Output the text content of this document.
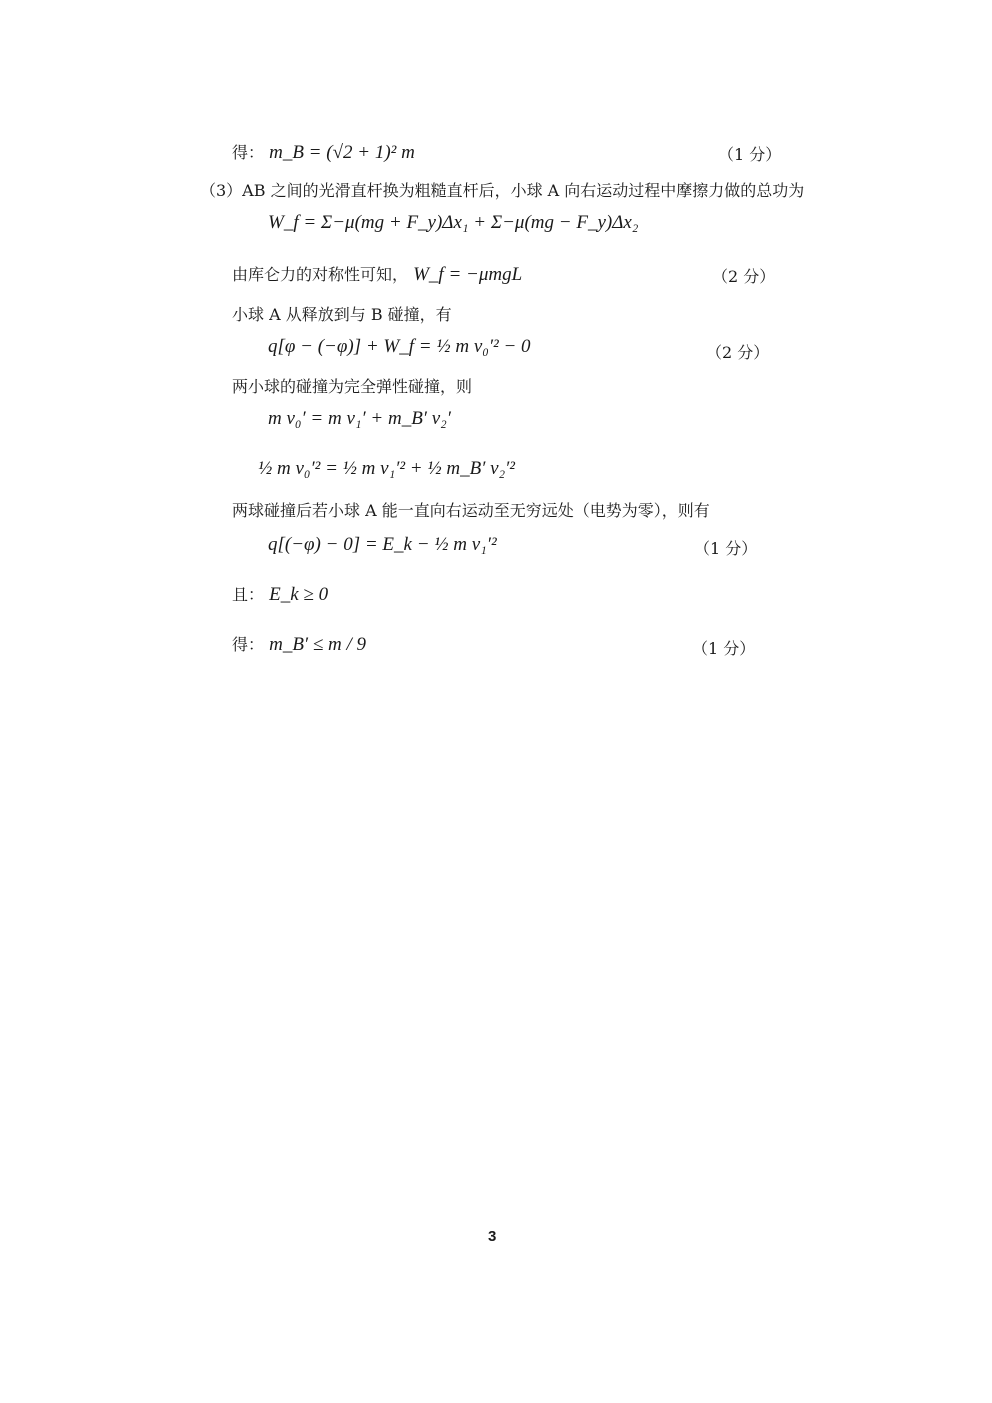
得： m_B = (√2 + 1)² m	（1 分）
（3）AB 之间的光滑直杆换为粗糙直杆后，小球 A 向右运动过程中摩擦力做的总功为
W_f = Σ−μ(mg + F_y)Δx₁ + Σ−μ(mg − F_y)Δx₂
由库仑力的对称性可知， W_f = −μmgL	（2 分）
小球 A 从释放到与 B 碰撞，有
q[φ − (−φ)] + W_f = ½ m v₀′² − 0	（2 分）
两小球的碰撞为完全弹性碰撞，则
m v₀′ = m v₁′ + m_B′ v₂′
½ m v₀′² = ½ m v₁′² + ½ m_B′ v₂′²
两球碰撞后若小球 A 能一直向右运动至无穷远处（电势为零），则有
q[(−φ) − 0] = E_k − ½ m v₁′²	（1 分）
且： E_k ≥ 0
得： m_B′ ≤ m / 9	（1 分）
3
